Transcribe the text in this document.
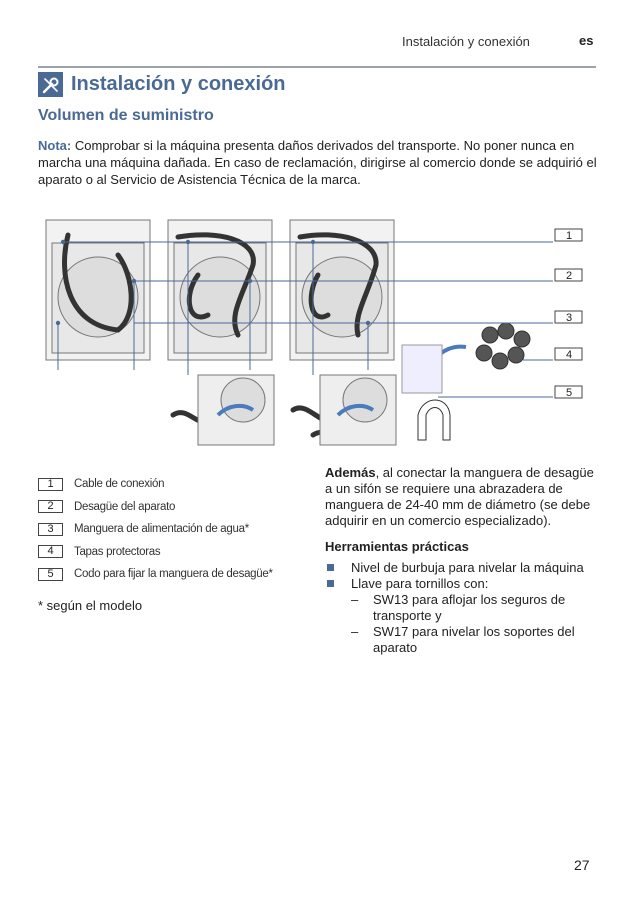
Instalación y conexión	es
Instalación y conexión
Volumen de suministro
Nota: Comprobar si la máquina presenta daños derivados del transporte. No poner nunca en marcha una máquina dañada. En caso de reclamación, dirigirse al comercio donde se adquirió el aparato o al Servicio de Asistencia Técnica de la marca.
1
2
3
4
5
1	Cable de conexión
2	Desagüe del aparato
3	Manguera de alimentación de agua*
4	Tapas protectoras
5	Codo para fijar la manguera de desagüe*
* según el modelo

Además, al conectar la manguera de desagüe a un sifón se requiere una abrazadera de manguera de 24-40 mm de diámetro (se debe adquirir en un comercio especializado).

Herramientas prácticas
Nivel de burbuja para nivelar la máquina
Llave para tornillos con:
– SW13 para aflojar los seguros de transporte y
– SW17 para nivelar los soportes del aparato
27
